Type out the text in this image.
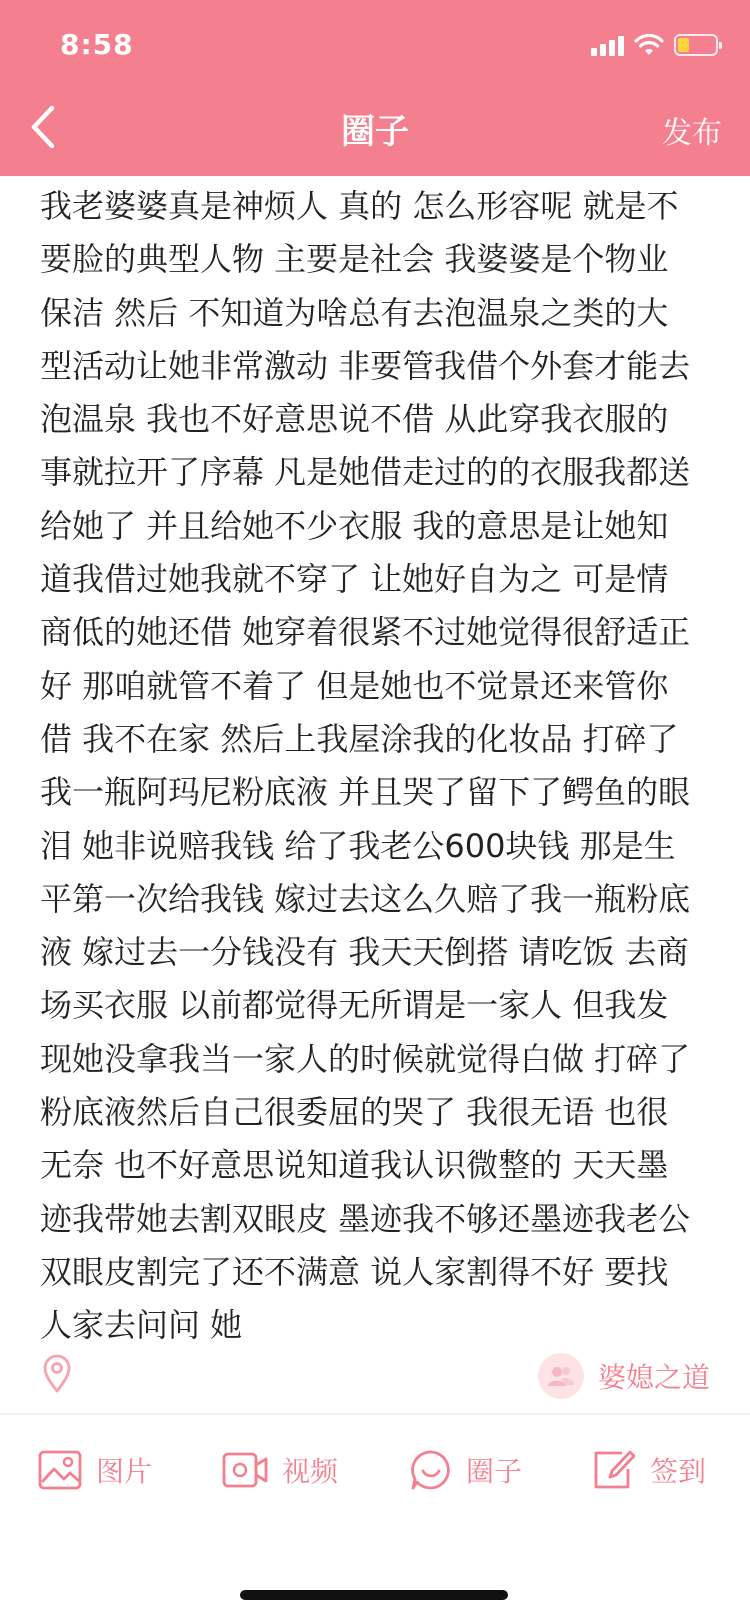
8:58
圈子	发布

我老婆婆真是神烦人 真的 怎么形容呢 就是不要脸的典型人物 主要是社会 我婆婆是个物业保洁 然后 不知道为啥总有去泡温泉之类的大型活动让她非常激动 非要管我借个外套才能去泡温泉 我也不好意思说不借 从此穿我衣服的事就拉开了序幕 凡是她借走过的的衣服我都送给她了 并且给她不少衣服 我的意思是让她知道我借过她我就不穿了 让她好自为之 可是情商低的她还借 她穿着很紧不过她觉得很舒适正好 那咱就管不着了 但是她也不觉景还来管你借 我不在家 然后上我屋涂我的化妆品 打碎了我一瓶阿玛尼粉底液 并且哭了留下了鳄鱼的眼泪 她非说赔我钱 给了我老公600块钱 那是生平第一次给我钱 嫁过去这么久赔了我一瓶粉底液 嫁过去一分钱没有 我天天倒搭 请吃饭 去商场买衣服 以前都觉得无所谓是一家人 但我发现她没拿我当一家人的时候就觉得白做 打碎了粉底液然后自己很委屈的哭了 我很无语 也很无奈 也不好意思说知道我认识微整的 天天墨迹我带她去割双眼皮 墨迹我不够还墨迹我老公 双眼皮割完了还不满意 说人家割得不好 要找人家去问问 她

婆媳之道
图片	视频	圈子	签到
